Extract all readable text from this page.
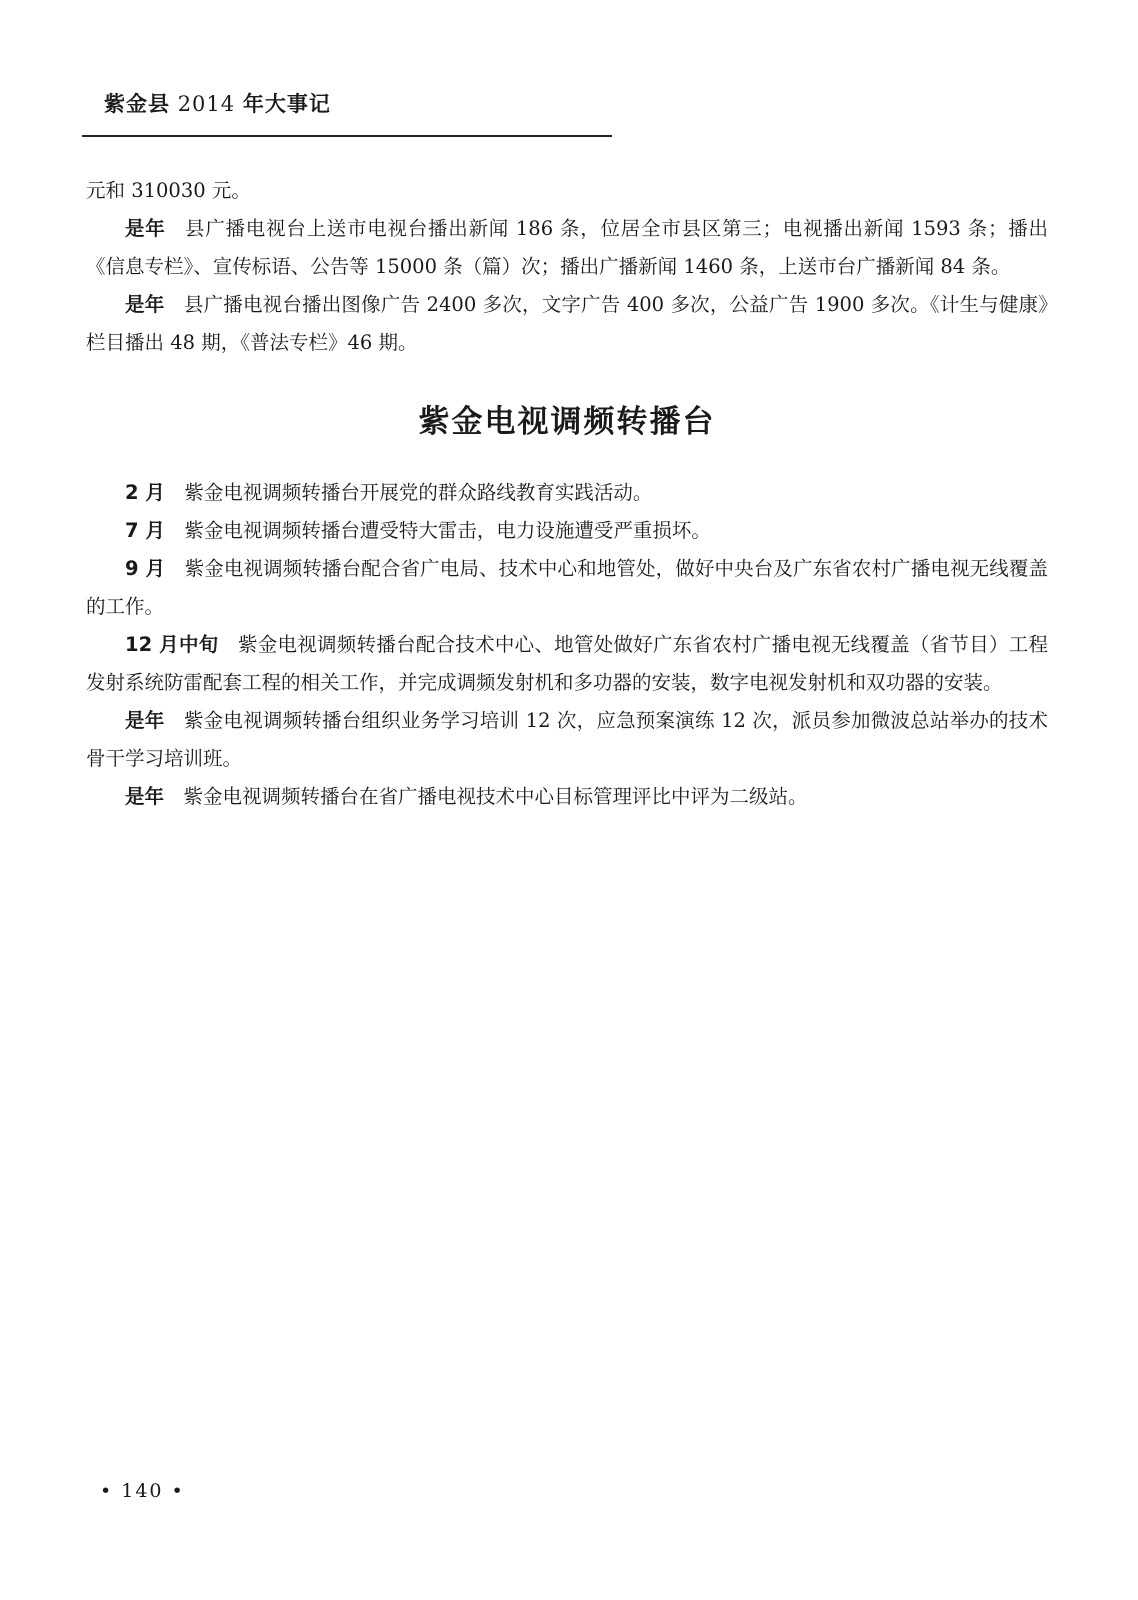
紫金县 2014 年大事记

元和 310030 元。

是年 县广播电视台上送市电视台播出新闻 186 条，位居全市县区第三；电视播出新闻 1593 条；播出《信息专栏》、宣传标语、公告等 15000 条（篇）次；播出广播新闻 1460 条，上送市台广播新闻 84 条。

是年 县广播电视台播出图像广告 2400 多次，文字广告 400 多次，公益广告 1900 多次。《计生与健康》栏目播出 48 期，《普法专栏》46 期。

紫金电视调频转播台

2 月 紫金电视调频转播台开展党的群众路线教育实践活动。

7 月 紫金电视调频转播台遭受特大雷击，电力设施遭受严重损坏。

9 月 紫金电视调频转播台配合省广电局、技术中心和地管处，做好中央台及广东省农村广播电视无线覆盖的工作。

12 月中旬 紫金电视调频转播台配合技术中心、地管处做好广东省农村广播电视无线覆盖（省节目）工程发射系统防雷配套工程的相关工作，并完成调频发射机和多功器的安装，数字电视发射机和双功器的安装。

是年 紫金电视调频转播台组织业务学习培训 12 次，应急预案演练 12 次，派员参加微波总站举办的技术骨干学习培训班。

是年 紫金电视调频转播台在省广播电视技术中心目标管理评比中评为二级站。

• 140 •
